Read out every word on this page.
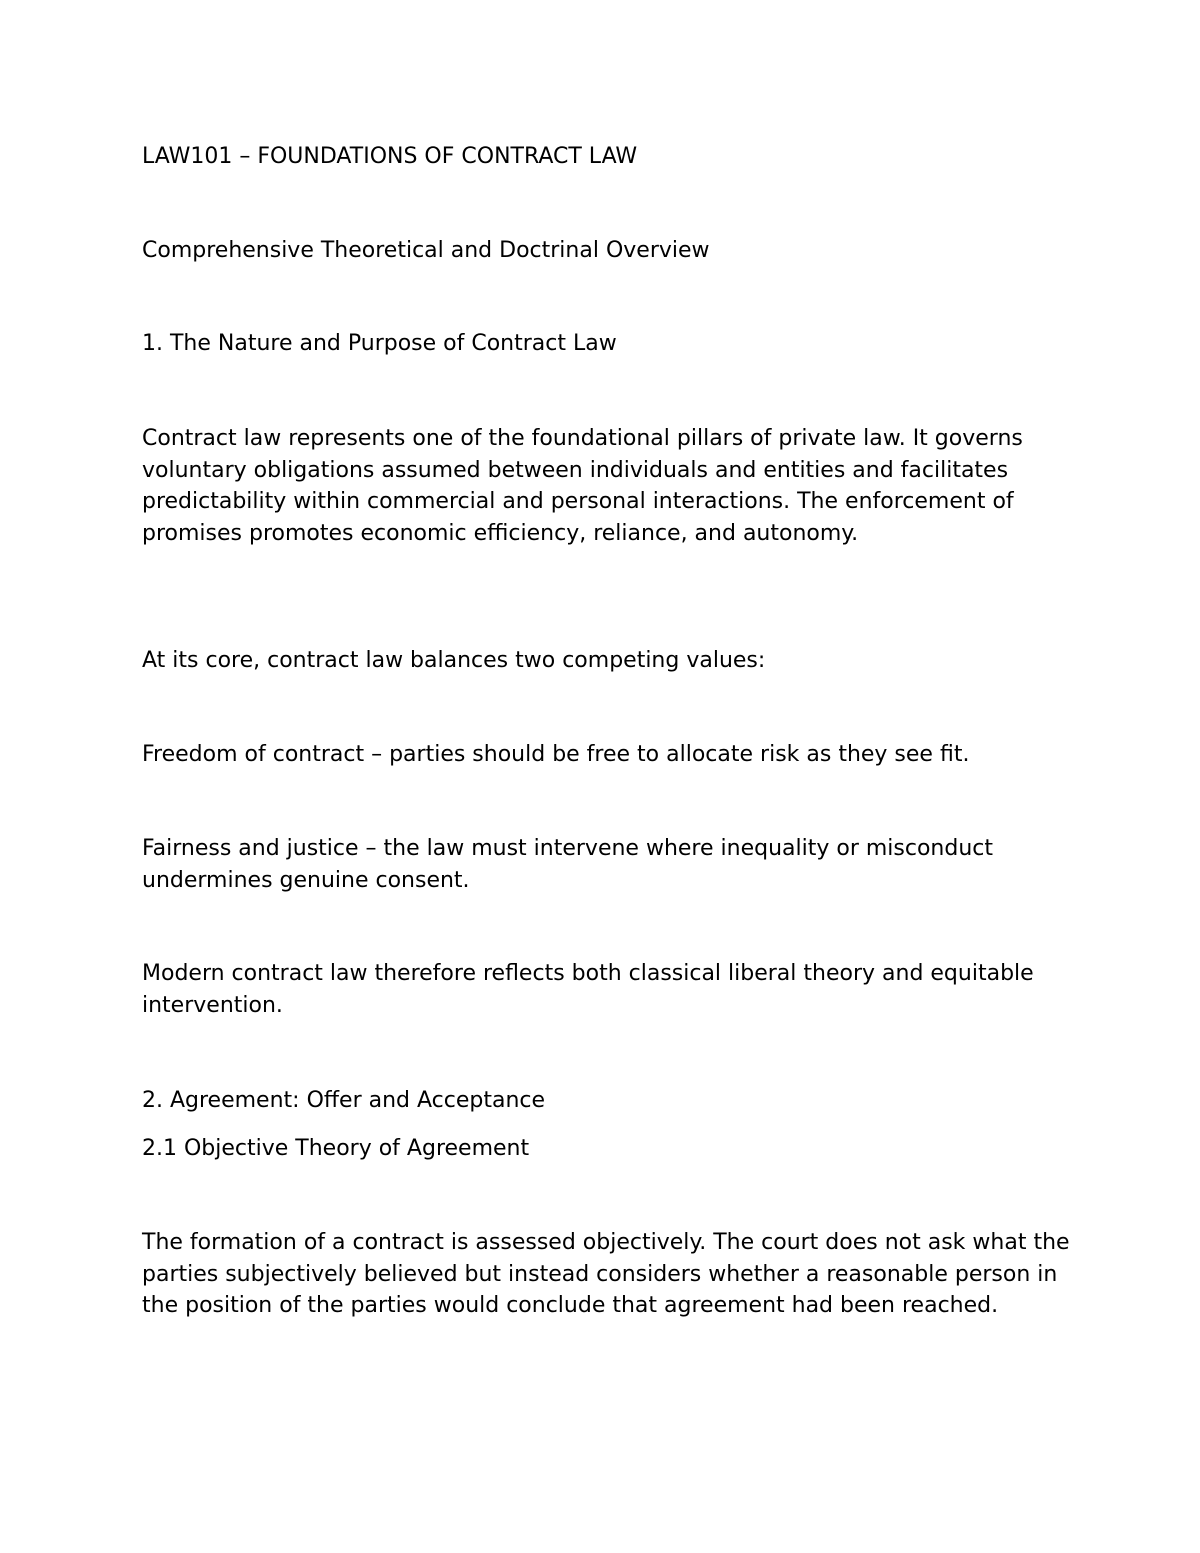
LAW101 – FOUNDATIONS OF CONTRACT LAW

Comprehensive Theoretical and Doctrinal Overview

1. The Nature and Purpose of Contract Law

Contract law represents one of the foundational pillars of private law. It governs voluntary obligations assumed between individuals and entities and facilitates predictability within commercial and personal interactions. The enforcement of promises promotes economic efficiency, reliance, and autonomy.

At its core, contract law balances two competing values:

Freedom of contract – parties should be free to allocate risk as they see fit.

Fairness and justice – the law must intervene where inequality or misconduct undermines genuine consent.

Modern contract law therefore reflects both classical liberal theory and equitable intervention.

2. Agreement: Offer and Acceptance

2.1 Objective Theory of Agreement

The formation of a contract is assessed objectively. The court does not ask what the parties subjectively believed but instead considers whether a reasonable person in the position of the parties would conclude that agreement had been reached.
